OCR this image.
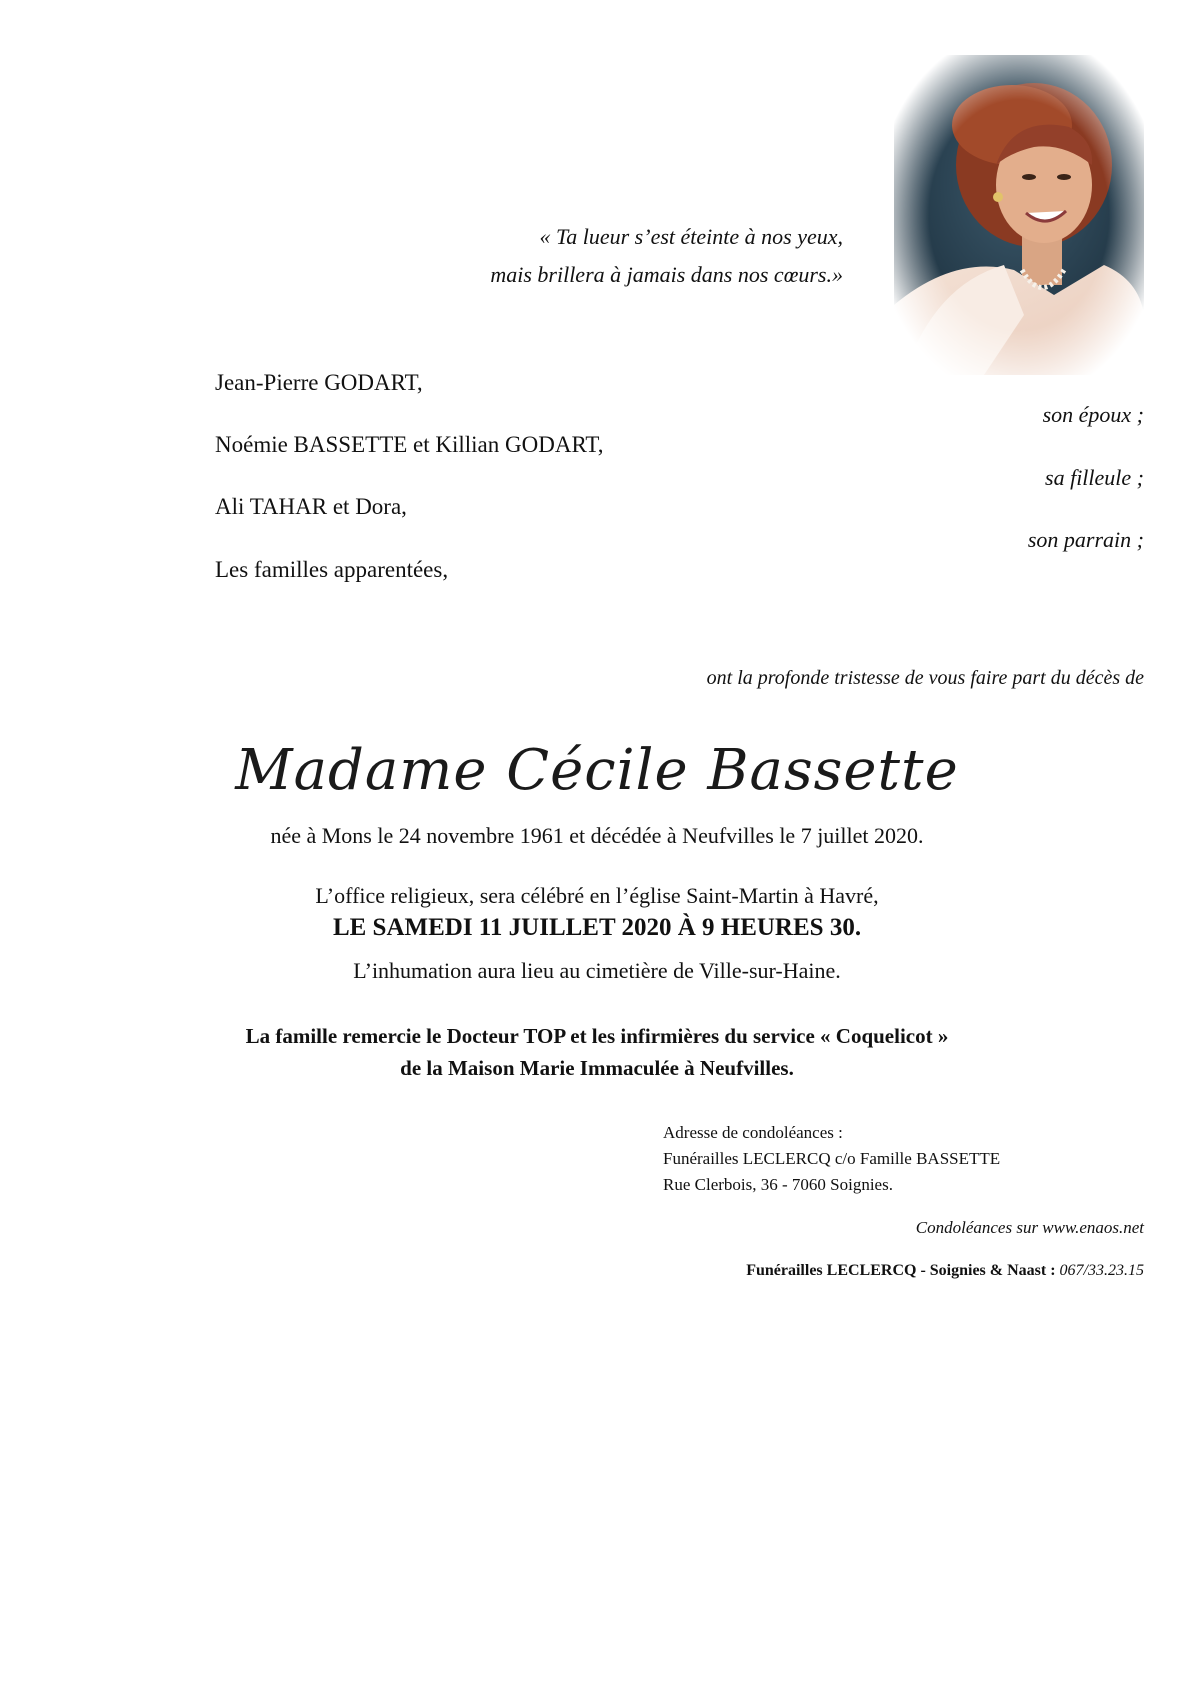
« Ta lueur s’est éteinte à nos yeux,
mais brillera à jamais dans nos cœurs.»
Jean-Pierre GODART,
son époux ;
Noémie BASSETTE et Killian GODART,
sa filleule ;
Ali TAHAR et Dora,
son parrain ;
Les familles apparentées,
ont la profonde tristesse de vous faire part du décès de
Madame Cécile Bassette
née à Mons le 24 novembre 1961 et décédée à Neufvilles le 7 juillet 2020.
L’office religieux, sera célébré en l’église Saint-Martin à Havré,
LE SAMEDI 11 JUILLET 2020 À 9 HEURES 30.
L’inhumation aura lieu au cimetière de Ville-sur-Haine.
La famille remercie le Docteur TOP et les infirmières du service « Coquelicot »
de la Maison Marie Immaculée à Neufvilles.
Adresse de condoléances :
Funérailles LECLERCQ c/o Famille BASSETTE
Rue Clerbois, 36 - 7060 Soignies.
Condoléances sur www.enaos.net
Funérailles LECLERCQ - Soignies & Naast : 067/33.23.15
